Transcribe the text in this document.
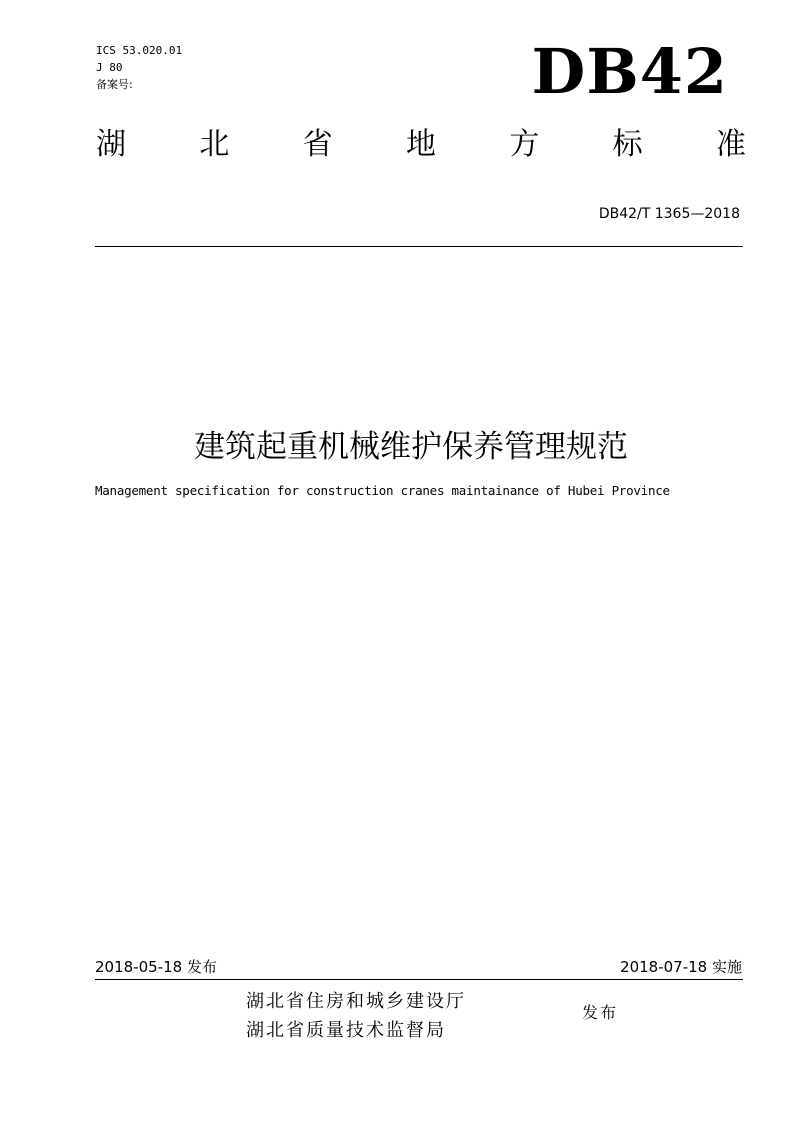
ICS 53.020.01
J 80
备案号:	DB42
湖 北 省 地 方 标 准
DB42/T 1365—2018
建筑起重机械维护保养管理规范
Management specification for construction cranes maintainance of Hubei Province
2018-05-18 发布	2018-07-18 实施
湖北省住房和城乡建设厅
湖北省质量技术监督局
发布
